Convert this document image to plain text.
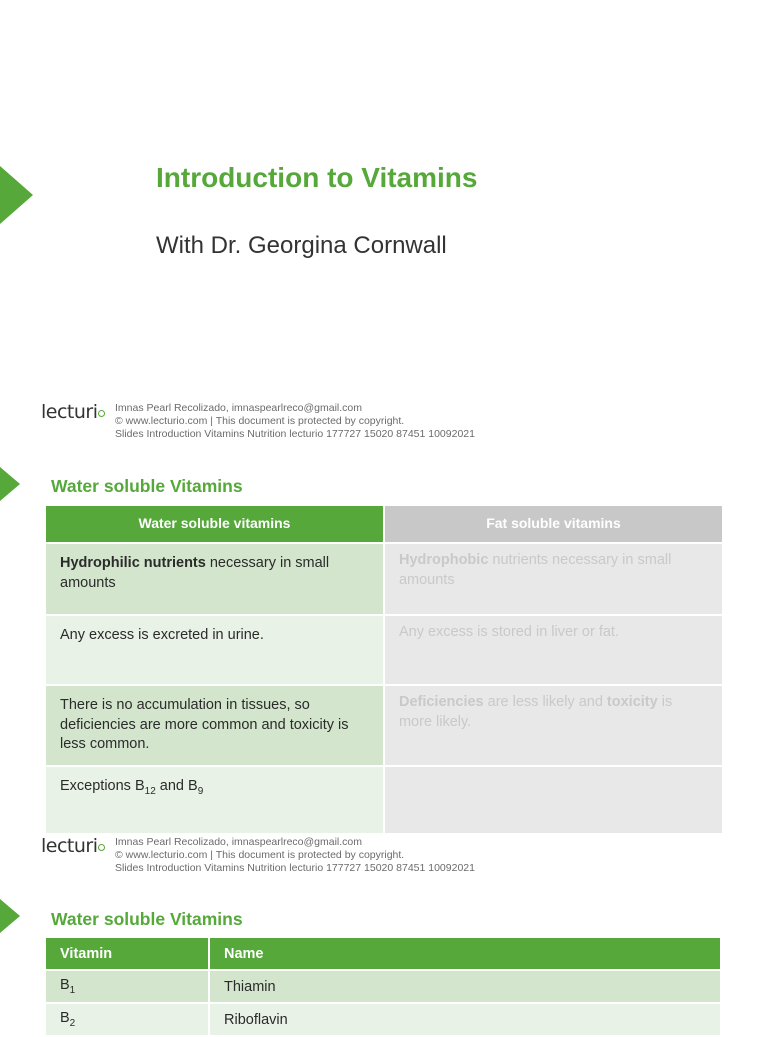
Introduction to Vitamins
With Dr. Georgina Cornwall
lecturi Imnas Pearl Recolizado, imnaspearlreco@gmail.com
© www.lecturio.com | This document is protected by copyright.
Slides Introduction Vitamins Nutrition lecturio 177727 15020 87451 10092021
Water soluble Vitamins
Water soluble vitamins	Fat soluble vitamins
Hydrophilic nutrients necessary in small amounts	Hydrophobic nutrients necessary in small amounts
Any excess is excreted in urine.	Any excess is stored in liver or fat.
There is no accumulation in tissues, so deficiencies are more common and toxicity is less common.	Deficiencies are less likely and toxicity is more likely.
Exceptions $B_{12}$ and $B_9$	
lecturi Imnas Pearl Recolizado, imnaspearlreco@gmail.com
© www.lecturio.com | This document is protected by copyright.
Slides Introduction Vitamins Nutrition lecturio 177727 15020 87451 10092021
Water soluble Vitamins
Vitamin	Name
$B_1$	Thiamin
$B_2$	Riboflavin
